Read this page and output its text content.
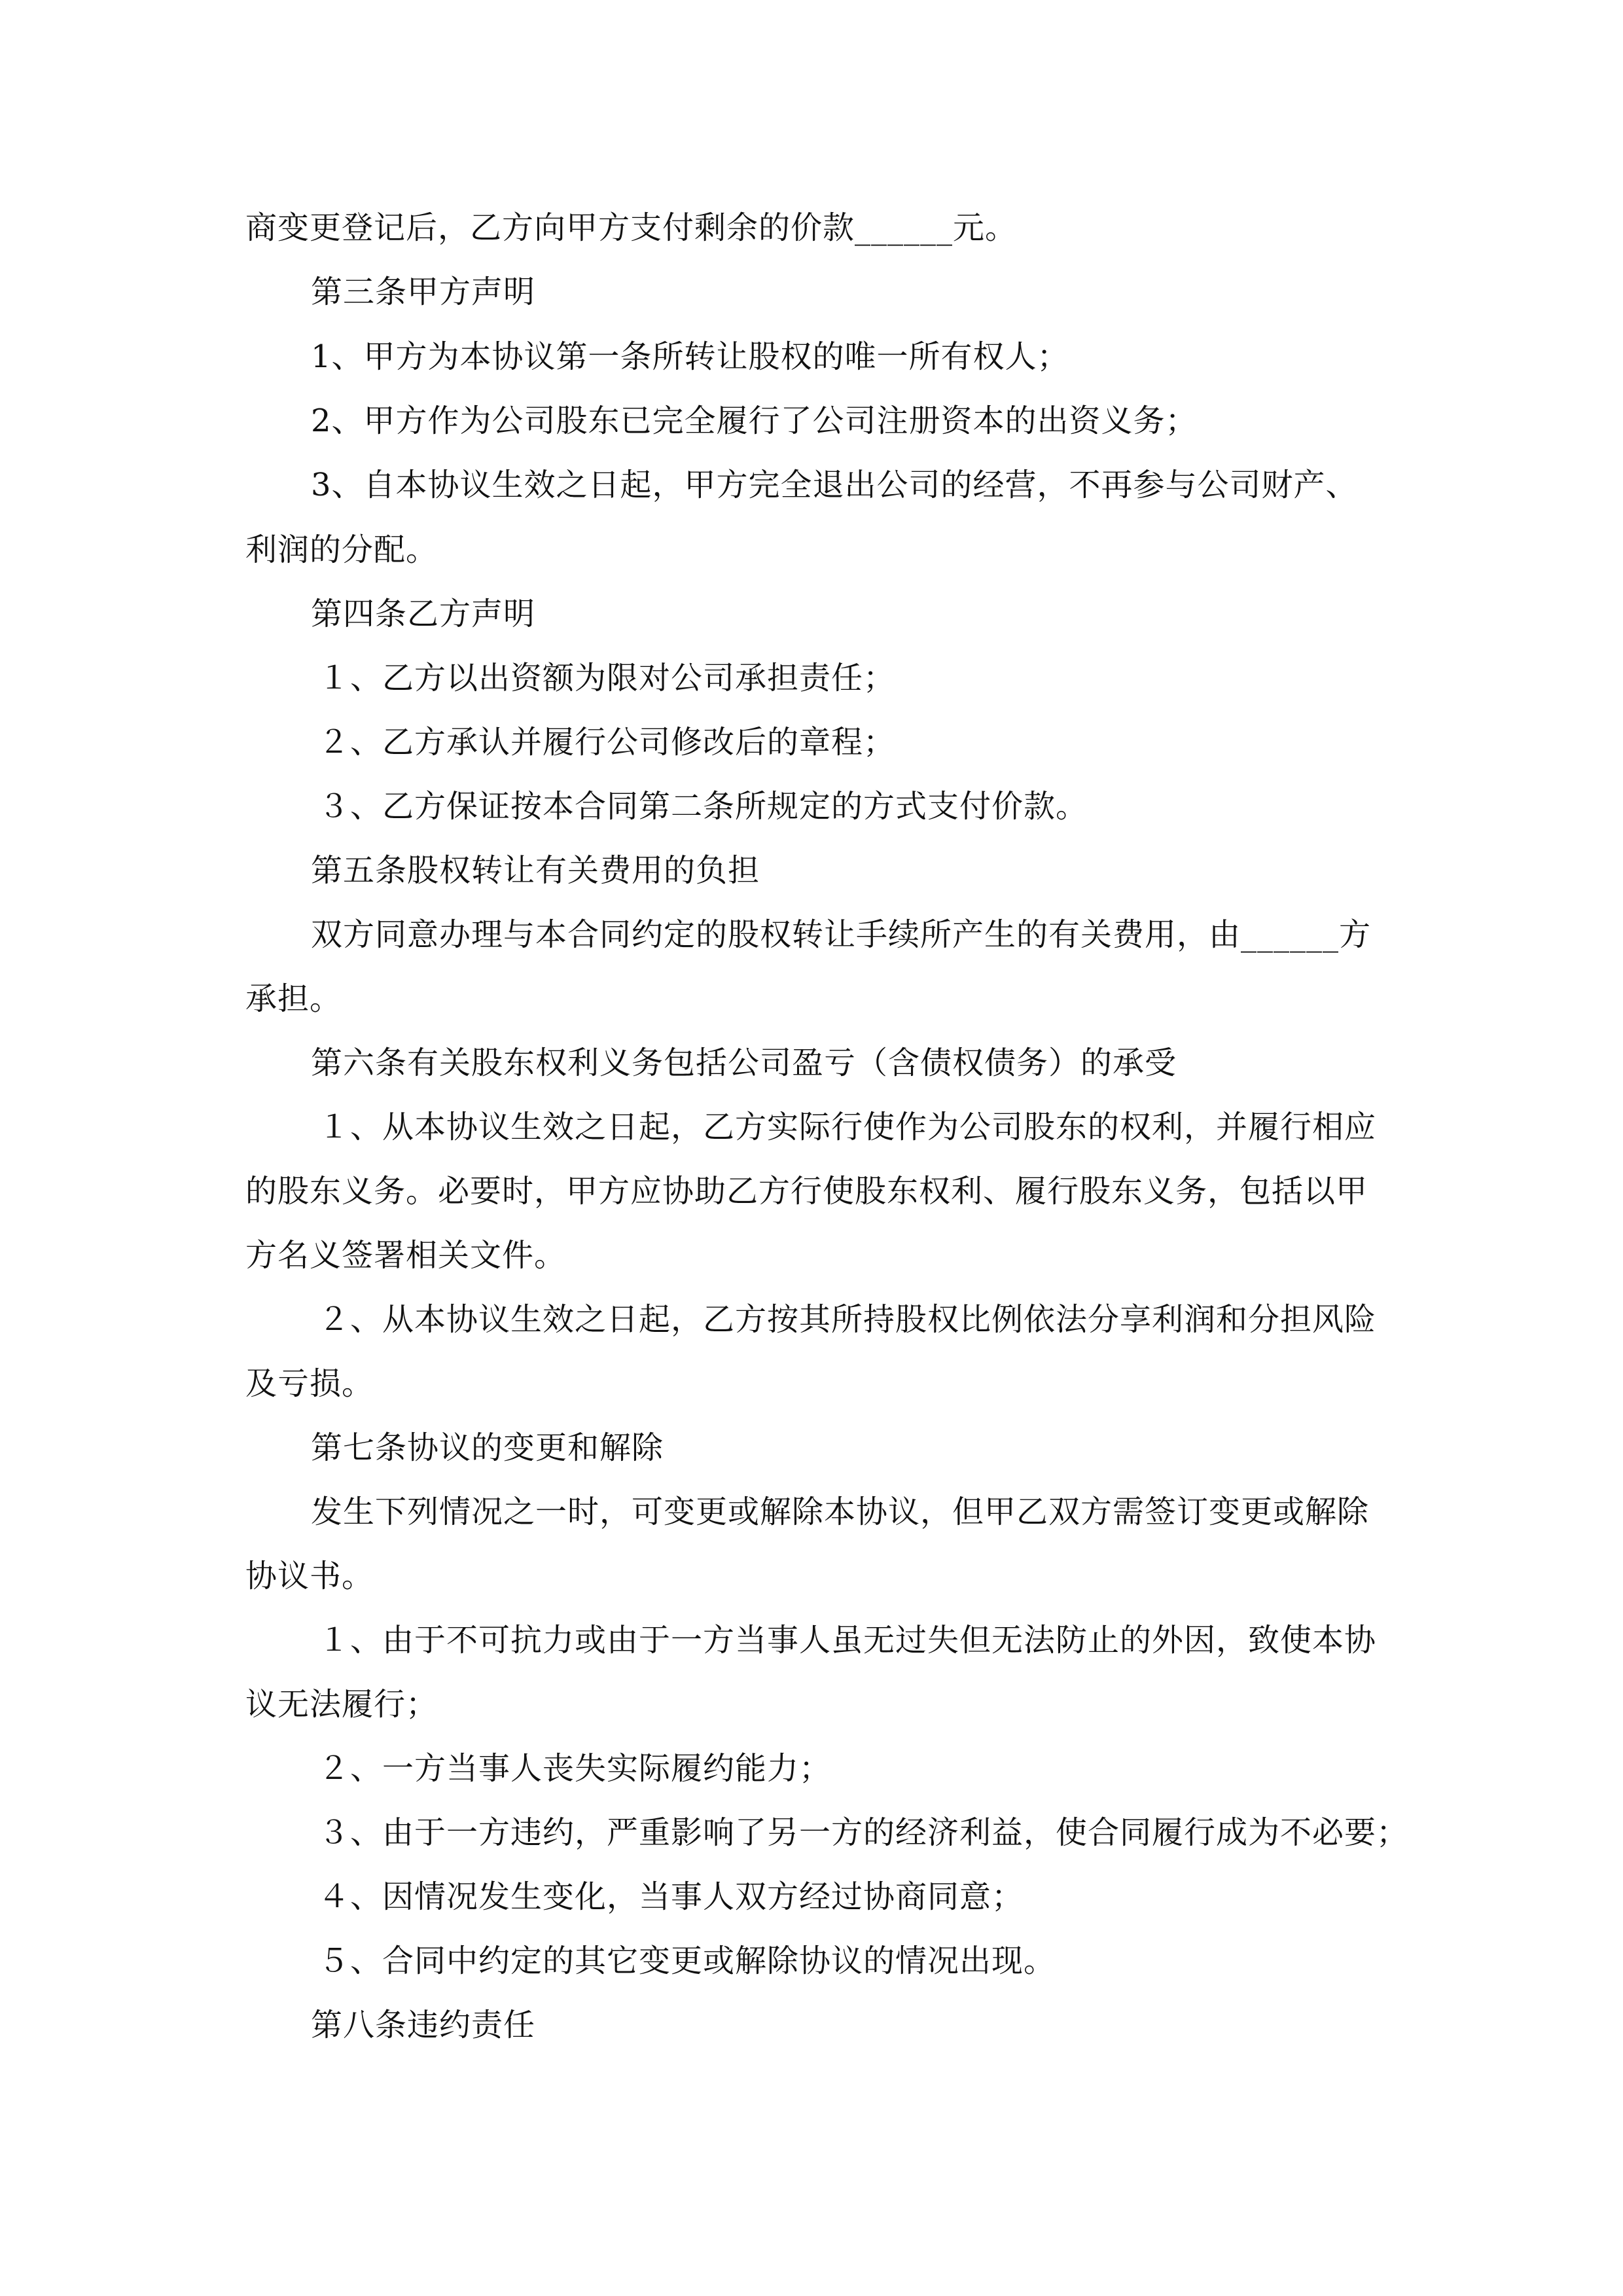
商变更登记后，乙方向甲方支付剩余的价款______元。
第三条甲方声明
1、甲方为本协议第一条所转让股权的唯一所有权人；
2、甲方作为公司股东已完全履行了公司注册资本的出资义务；
3、自本协议生效之日起，甲方完全退出公司的经营，不再参与公司财产、
利润的分配。
第四条乙方声明
１、乙方以出资额为限对公司承担责任；
２、乙方承认并履行公司修改后的章程；
３、乙方保证按本合同第二条所规定的方式支付价款。
第五条股权转让有关费用的负担
双方同意办理与本合同约定的股权转让手续所产生的有关费用，由______方
承担。
第六条有关股东权利义务包括公司盈亏（含债权债务）的承受
１、从本协议生效之日起，乙方实际行使作为公司股东的权利，并履行相应
的股东义务。必要时，甲方应协助乙方行使股东权利、履行股东义务，包括以甲
方名义签署相关文件。
２、从本协议生效之日起，乙方按其所持股权比例依法分享利润和分担风险
及亏损。
第七条协议的变更和解除
发生下列情况之一时，可变更或解除本协议，但甲乙双方需签订变更或解除
协议书。
１、由于不可抗力或由于一方当事人虽无过失但无法防止的外因，致使本协
议无法履行；
２、一方当事人丧失实际履约能力；
３、由于一方违约，严重影响了另一方的经济利益，使合同履行成为不必要；
４、因情况发生变化，当事人双方经过协商同意；
５、合同中约定的其它变更或解除协议的情况出现。
第八条违约责任
